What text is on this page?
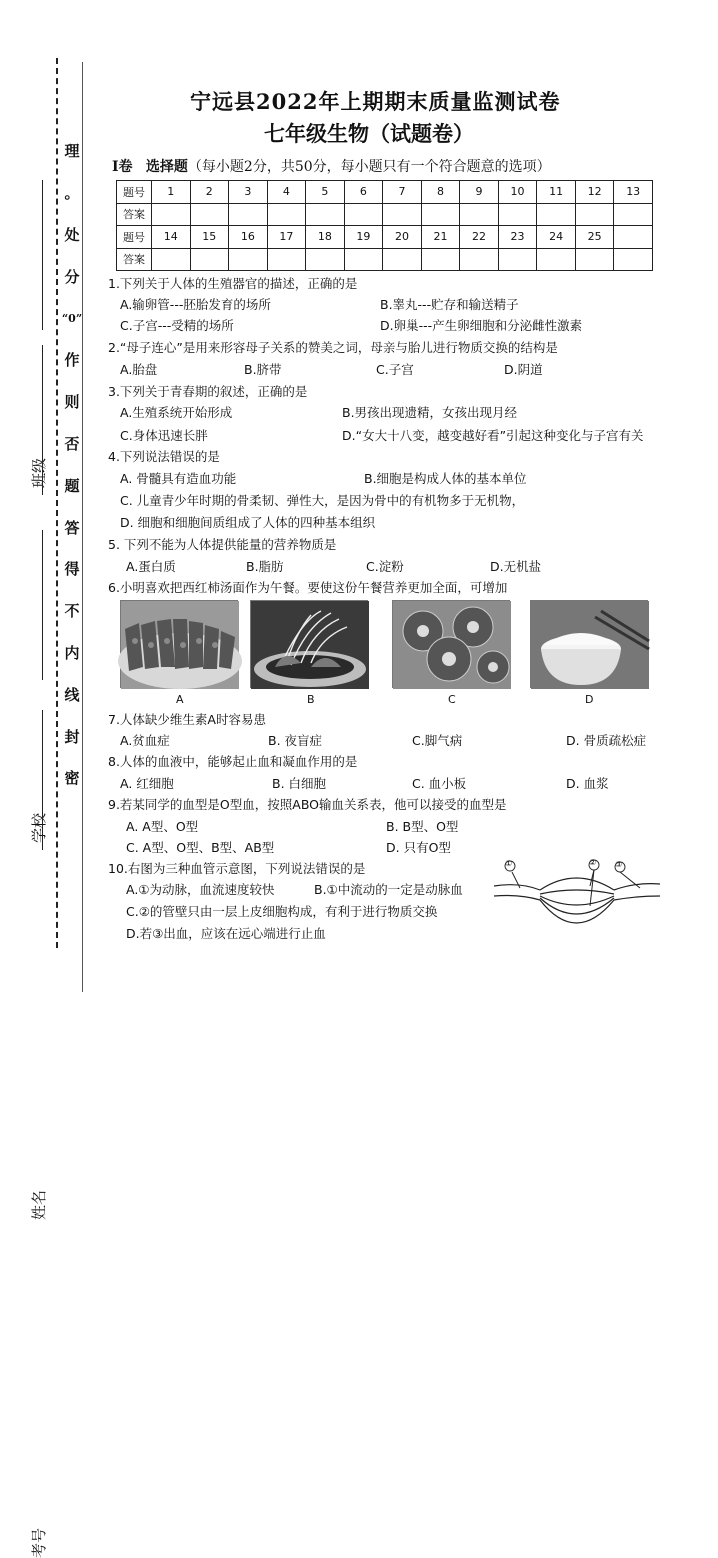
理
。
处
分
“0”
作
则
否
题
答
得
不
内
线
封
密
班级
学校
姓名
考号
宁远县2022年上期期末质量监测试卷
七年级生物（试题卷）
Ⅰ卷 选择题（每小题2分，共50分，每小题只有一个符合题意的选项）
题号	1	2	3	4	5	6	7	8	9	10	11	12	13
答案													
题号	14	15	16	17	18	19	20	21	22	23	24	25	
答案													
1.下列关于人体的生殖器官的描述，正确的是
A.输卵管---胚胎发育的场所	B.睾丸---贮存和输送精子
C.子宫---受精的场所	D.卵巢---产生卵细胞和分泌雌性激素
2.“母子连心”是用来形容母子关系的赞美之词，母亲与胎儿进行物质交换的结构是
A.胎盘	B.脐带	C.子宫	D.阴道
3.下列关于青春期的叙述，正确的是
A.生殖系统开始形成	B.男孩出现遗精，女孩出现月经
C.身体迅速长胖	D.“女大十八变，越变越好看”引起这种变化与子宫有关
4.下列说法错误的是
A. 骨髓具有造血功能	B.细胞是构成人体的基本单位
C. 儿童青少年时期的骨柔韧、弹性大，是因为骨中的有机物多于无机物，
D. 细胞和细胞间质组成了人体的四种基本组织
5. 下列不能为人体提供能量的营养物质是
A.蛋白质	B.脂肪	C.淀粉	D.无机盐
6.小明喜欢把西红柿汤面作为午餐。要使这份午餐营养更加全面，可增加
A	B	C	D
7.人体缺少维生素A时容易患
A.贫血症	B. 夜盲症	C.脚气病	D. 骨质疏松症
8.人体的血液中，能够起止血和凝血作用的是
A. 红细胞	B. 白细胞	C. 血小板	D. 血浆
9.若某同学的血型是O型血，按照ABO输血关系表，他可以接受的血型是
A. A型、O型	B. B型、O型
C. A型、O型、B型、AB型	D. 只有O型
10.右图为三种血管示意图，下列说法错误的是
A.①为动脉，血流速度较快	B.①中流动的一定是动脉血
C.②的管壁只由一层上皮细胞构成，有利于进行物质交换
D.若③出血，应该在远心端进行止血
①	② ③
